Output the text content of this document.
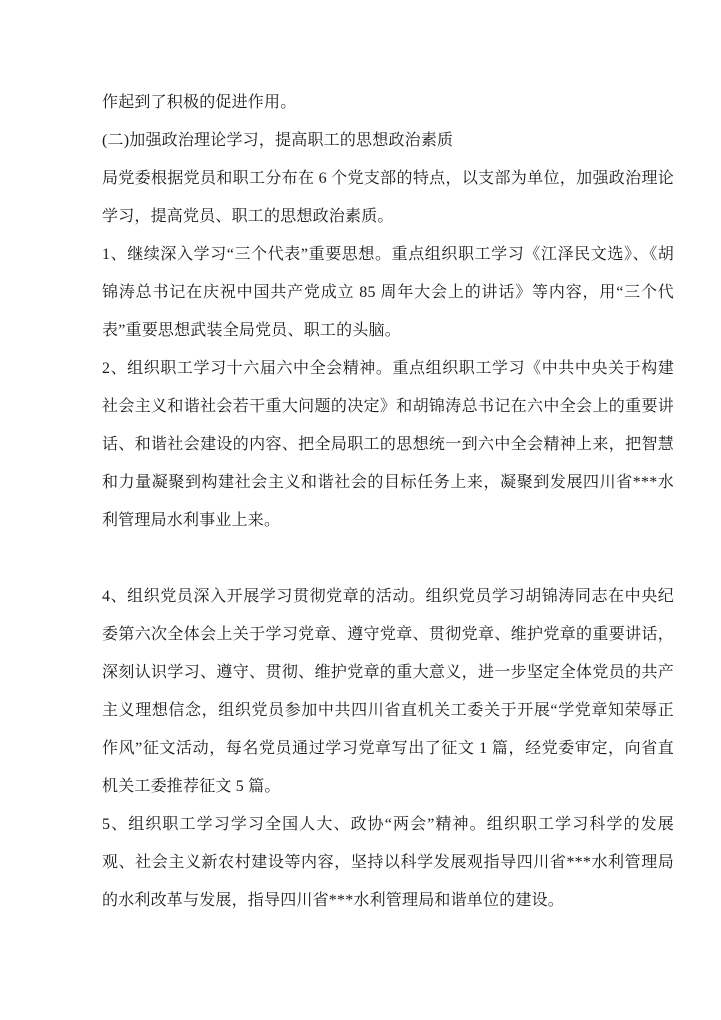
作起到了积极的促进作用。
(二)加强政治理论学习，提高职工的思想政治素质
局党委根据党员和职工分布在 6 个党支部的特点，以支部为单位，加强政治理论
学习，提高党员、职工的思想政治素质。
1、继续深入学习“三个代表”重要思想。重点组织职工学习《江泽民文选》、《胡
锦涛总书记在庆祝中国共产党成立 85 周年大会上的讲话》等内容，用“三个代
表”重要思想武装全局党员、职工的头脑。
2、组织职工学习十六届六中全会精神。重点组织职工学习《中共中央关于构建
社会主义和谐社会若干重大问题的决定》和胡锦涛总书记在六中全会上的重要讲
话、和谐社会建设的内容、把全局职工的思想统一到六中全会精神上来，把智慧
和力量凝聚到构建社会主义和谐社会的目标任务上来，凝聚到发展四川省***水
利管理局水利事业上来。

4、组织党员深入开展学习贯彻党章的活动。组织党员学习胡锦涛同志在中央纪
委第六次全体会上关于学习党章、遵守党章、贯彻党章、维护党章的重要讲话，
深刻认识学习、遵守、贯彻、维护党章的重大意义，进一步坚定全体党员的共产
主义理想信念，组织党员参加中共四川省直机关工委关于开展“学党章知荣辱正
作风”征文活动，每名党员通过学习党章写出了征文 1 篇，经党委审定，向省直
机关工委推荐征文 5 篇。
5、组织职工学习学习全国人大、政协“两会”精神。组织职工学习科学的发展
观、社会主义新农村建设等内容，坚持以科学发展观指导四川省***水利管理局
的水利改革与发展，指导四川省***水利管理局和谐单位的建设。
